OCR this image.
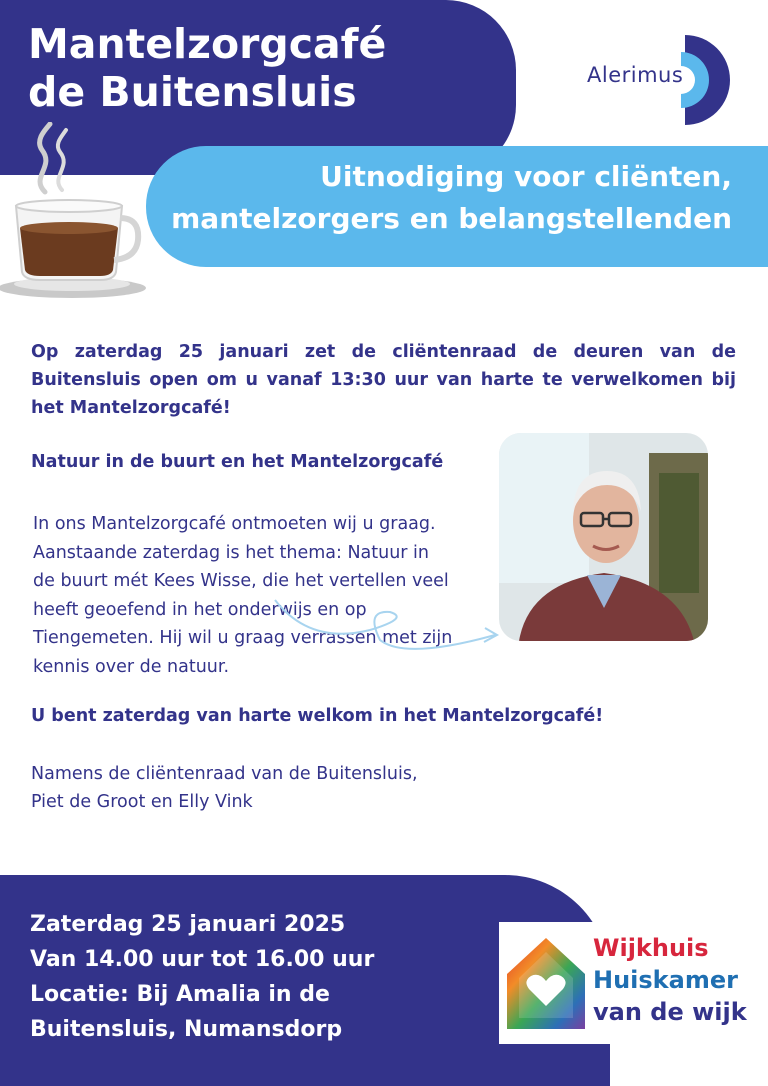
Mantelzorgcafé
de Buitensluis	Alerimus

Uitnodiging voor cliënten,
mantelzorgers en belangstellenden

Op zaterdag 25 januari zet de cliëntenraad de deuren van de Buitensluis open om u vanaf 13:30 uur van harte te verwelkomen bij het Mantelzorgcafé!

Natuur in de buurt en het Mantelzorgcafé

In ons Mantelzorgcafé ontmoeten wij u graag.
Aanstaande zaterdag is het thema: Natuur in
de buurt mét Kees Wisse, die het vertellen veel
heeft geoefend in het onderwijs en op
Tiengemeten. Hij wil u graag verrassen met zijn
kennis over de natuur.

U bent zaterdag van harte welkom in het Mantelzorgcafé!

Namens de cliëntenraad van de Buitensluis,
Piet de Groot en Elly Vink

Zaterdag 25 januari 2025
Van 14.00 uur tot 16.00 uur
Locatie: Bij Amalia in de
Buitensluis, Numansdorp

Wijkhuis
Huiskamer
van de wijk
